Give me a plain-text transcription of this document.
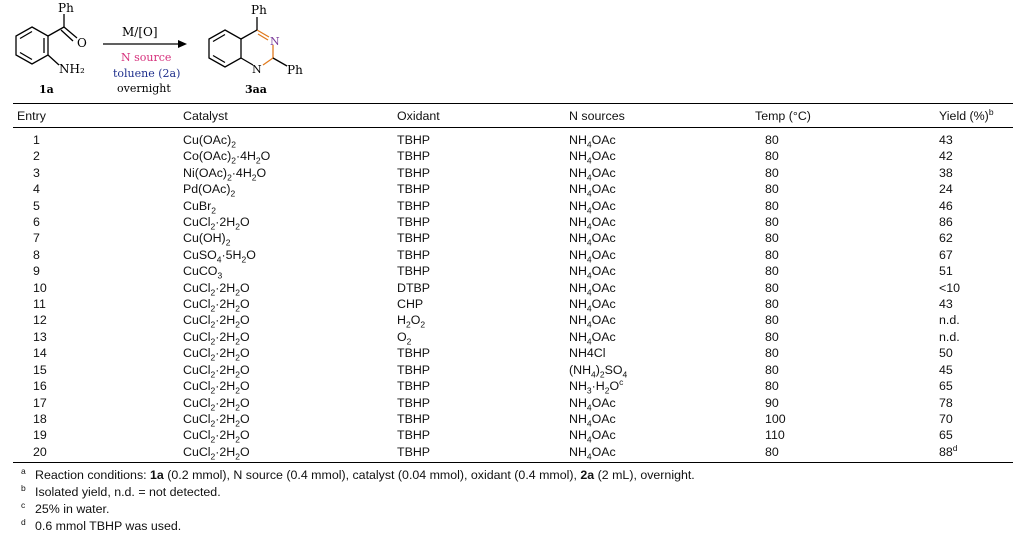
Ph
O
NH₂
1a
M/[O]
N source
toluene (2a)
overnight
Ph
N
N Ph
3aa
Entry	Catalyst	Oxidant	N sources	Temp (°C)	Yield (%)$^b$
1	$Cu(OAc)_2$	TBHP	$NH_4OAc$	80	43
2	$Co(OAc)_2\cdot 4H_2O$	TBHP	$NH_4OAc$	80	42
3	$Ni(OAc)_2\cdot 4H_2O$	TBHP	$NH_4OAc$	80	38
4	$Pd(OAc)_2$	TBHP	$NH_4OAc$	80	24
5	CuBr$_2$	TBHP	$NH_4OAc$	80	46
6	$CuCl_2\cdot 2H_2O$	TBHP	$NH_4OAc$	80	86
7	$Cu(OH)_2$	TBHP	$NH_4OAc$	80	62
8	$CuSO_4\cdot 5H_2O$	TBHP	$NH_4OAc$	80	67
9	CuCO$_3$	TBHP	$NH_4OAc$	80	51
10	$CuCl_2\cdot 2H_2O$	DTBP	$NH_4OAc$	80	<10
11	$CuCl_2\cdot 2H_2O$	CHP	$NH_4OAc$	80	43
12	$CuCl_2\cdot 2H_2O$	$H_2O_2$	$NH_4OAc$	80	n.d.
13	$CuCl_2\cdot 2H_2O$	$O_2$	$NH_4OAc$	80	n.d.
14	$CuCl_2\cdot 2H_2O$	TBHP	NH4Cl	80	50
15	$CuCl_2\cdot 2H_2O$	TBHP	$(NH_4)_2SO_4$	80	45
16	$CuCl_2\cdot 2H_2O$	TBHP	$NH_3\cdot H_2O^c$	80	65
17	$CuCl_2\cdot 2H_2O$	TBHP	$NH_4OAc$	90	78
18	$CuCl_2\cdot 2H_2O$	TBHP	$NH_4OAc$	100	70
19	$CuCl_2\cdot 2H_2O$	TBHP	$NH_4OAc$	110	65
20	$CuCl_2\cdot 2H_2O$	TBHP	$NH_4OAc$	80	88$^d$
a Reaction conditions: 1a (0.2 mmol), N source (0.4 mmol), catalyst (0.04 mmol), oxidant (0.4 mmol), 2a (2 mL), overnight.
b Isolated yield, n.d. = not detected.
c 25% in water.
d 0.6 mmol TBHP was used.
